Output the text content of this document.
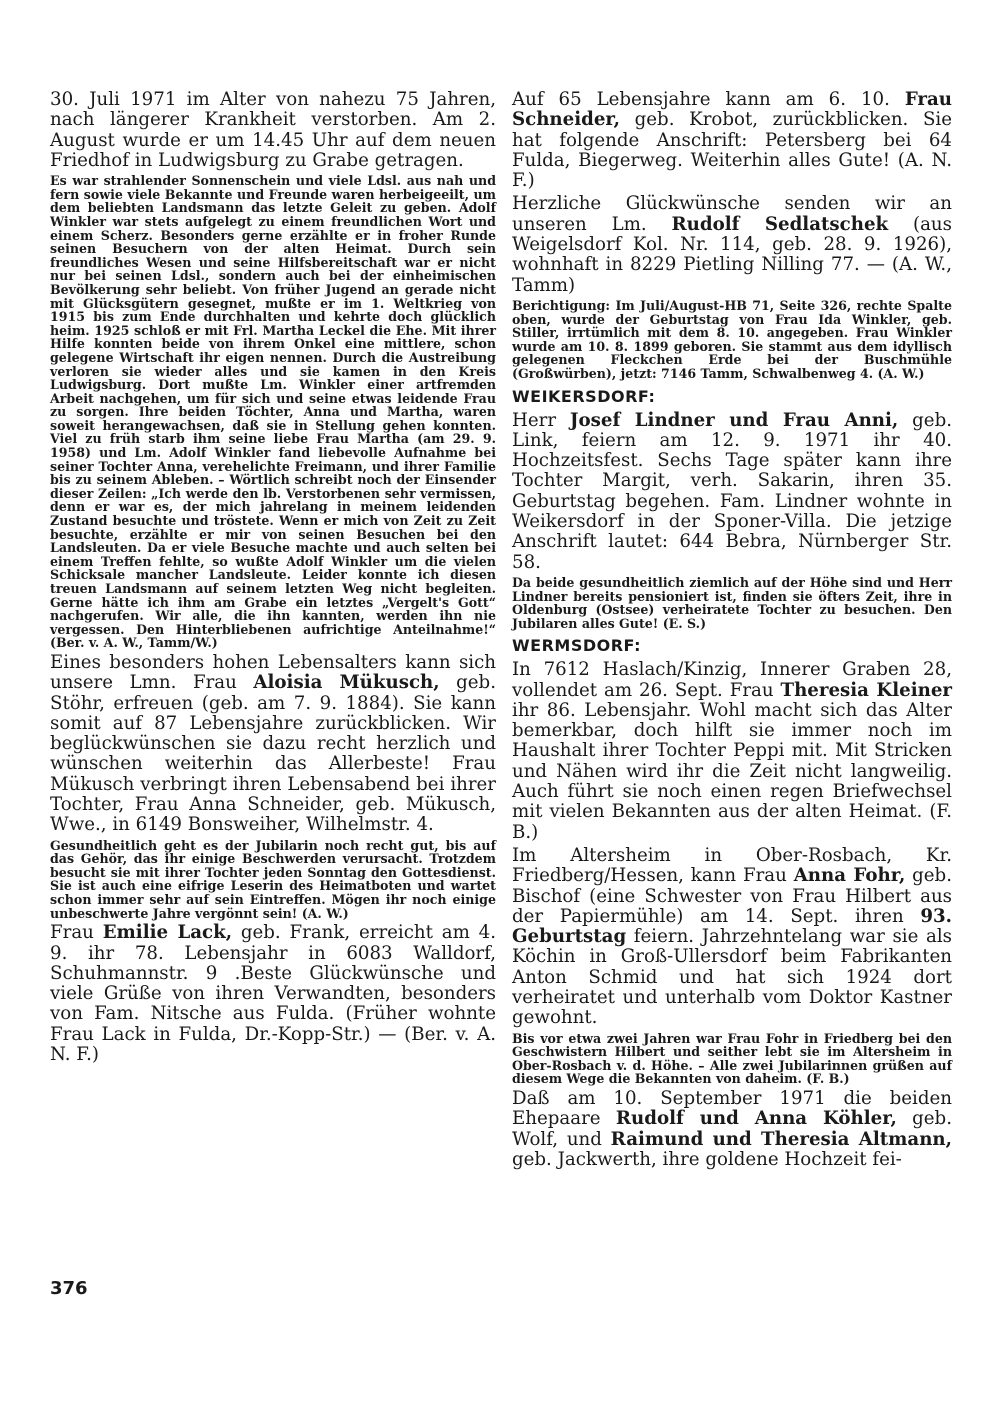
30. Juli 1971 im Alter von nahezu 75 Jahren, nach längerer Krankheit verstorben. Am 2. August wurde er um 14.45 Uhr auf dem neuen Friedhof in Ludwigsburg zu Grabe getragen.

Es war strahlender Sonnenschein und viele Ldsl. aus nah und fern sowie viele Bekannte und Freunde waren herbeigeeilt, um dem beliebten Landsmann das letzte Geleit zu geben. Adolf Winkler war stets aufgelegt zu einem freundlichen Wort und einem Scherz. Besonders gerne erzählte er in froher Runde seinen Besuchern von der alten Heimat. Durch sein freundliches Wesen und seine Hilfsbereitschaft war er nicht nur bei seinen Ldsl., sondern auch bei der einheimischen Bevölkerung sehr beliebt. Von früher Jugend an gerade nicht mit Glücksgütern gesegnet, mußte er im 1. Weltkrieg von 1915 bis zum Ende durchhalten und kehrte doch glücklich heim. 1925 schloß er mit Frl. Martha Leckel die Ehe. Mit ihrer Hilfe konnten beide von ihrem Onkel eine mittlere, schon gelegene Wirtschaft ihr eigen nennen. Durch die Austreibung verloren sie wieder alles und sie kamen in den Kreis Ludwigsburg. Dort mußte Lm. Winkler einer artfremden Arbeit nachgehen, um für sich und seine etwas leidende Frau zu sorgen. Ihre beiden Töchter, Anna und Martha, waren soweit herangewachsen, daß sie in Stellung gehen konnten. Viel zu früh starb ihm seine liebe Frau Martha (am 29. 9. 1958) und Lm. Adolf Winkler fand liebevolle Aufnahme bei seiner Tochter Anna, verehelichte Freimann, und ihrer Familie bis zu seinem Ableben. – Wörtlich schreibt noch der Einsender dieser Zeilen: „Ich werde den lb. Verstorbenen sehr vermissen, denn er war es, der mich jahrelang in meinem leidenden Zustand besuchte und tröstete. Wenn er mich von Zeit zu Zeit besuchte, erzählte er mir von seinen Besuchen bei den Landsleuten. Da er viele Besuche machte und auch selten bei einem Treffen fehlte, so wußte Adolf Winkler um die vielen Schicksale mancher Landsleute. Leider konnte ich diesen treuen Landsmann auf seinem letzten Weg nicht begleiten. Gerne hätte ich ihm am Grabe ein letztes „Vergelt's Gott“ nachgerufen. Wir alle, die ihn kannten, werden ihn nie vergessen. Den Hinterbliebenen aufrichtige Anteilnahme!“ (Ber. v. A. W., Tamm/W.)

Eines besonders hohen Lebensalters kann sich unsere Lmn. Frau Aloisia Mükusch, geb. Stöhr, erfreuen (geb. am 7. 9. 1884). Sie kann somit auf 87 Lebensjahre zurückblicken. Wir beglückwünschen sie dazu recht herzlich und wünschen weiterhin das Allerbeste! Frau Mükusch verbringt ihren Lebensabend bei ihrer Tochter, Frau Anna Schneider, geb. Mükusch, Wwe., in 6149 Bonsweiher, Wilhelmstr. 4.

Gesundheitlich geht es der Jubilarin noch recht gut, bis auf das Gehör, das ihr einige Beschwerden verursacht. Trotzdem besucht sie mit ihrer Tochter jeden Sonntag den Gottesdienst. Sie ist auch eine eifrige Leserin des Heimatboten und wartet schon immer sehr auf sein Eintreffen. Mögen ihr noch einige unbeschwerte Jahre vergönnt sein! (A. W.)

Frau Emilie Lack, geb. Frank, erreicht am 4. 9. ihr 78. Lebensjahr in 6083 Walldorf, Schuhmannstr. 9 .Beste Glückwünsche und viele Grüße von ihren Verwandten, besonders von Fam. Nitsche aus Fulda. (Früher wohnte Frau Lack in Fulda, Dr.-Kopp-Str.) — (Ber. v. A. N. F.)

Auf 65 Lebensjahre kann am 6. 10. Frau Schneider, geb. Krobot, zurückblicken. Sie hat folgende Anschrift: Petersberg bei 64 Fulda, Biegerweg. Weiterhin alles Gute! (A. N. F.)

Herzliche Glückwünsche senden wir an unseren Lm. Rudolf Sedlatschek (aus Weigelsdorf Kol. Nr. 114, geb. 28. 9. 1926), wohnhaft in 8229 Pietling Nilling 77. — (A. W., Tamm)

Berichtigung: Im Juli/August-HB 71, Seite 326, rechte Spalte oben, wurde der Geburtstag von Frau Ida Winkler, geb. Stiller, irrtümlich mit dem 8. 10. angegeben. Frau Winkler wurde am 10. 8. 1899 geboren. Sie stammt aus dem idyllisch gelegenen Fleckchen Erde bei der Buschmühle (Großwürben), jetzt: 7146 Tamm, Schwalbenweg 4. (A. W.)

WEIKERSDORF:

Herr Josef Lindner und Frau Anni, geb. Link, feiern am 12. 9. 1971 ihr 40. Hochzeitsfest. Sechs Tage später kann ihre Tochter Margit, verh. Sakarin, ihren 35. Geburtstag begehen. Fam. Lindner wohnte in Weikersdorf in der Sponer-Villa. Die jetzige Anschrift lautet: 644 Bebra, Nürnberger Str. 58.

Da beide gesundheitlich ziemlich auf der Höhe sind und Herr Lindner bereits pensioniert ist, finden sie öfters Zeit, ihre in Oldenburg (Ostsee) verheiratete Tochter zu besuchen. Den Jubilaren alles Gute! (E. S.)

WERMSDORF:

In 7612 Haslach/Kinzig, Innerer Graben 28, vollendet am 26. Sept. Frau Theresia Kleiner ihr 86. Lebensjahr. Wohl macht sich das Alter bemerkbar, doch hilft sie immer noch im Haushalt ihrer Tochter Peppi mit. Mit Stricken und Nähen wird ihr die Zeit nicht langweilig. Auch führt sie noch einen regen Briefwechsel mit vielen Bekannten aus der alten Heimat. (F. B.)

Im Altersheim in Ober-Rosbach, Kr. Friedberg/Hessen, kann Frau Anna Fohr, geb. Bischof (eine Schwester von Frau Hilbert aus der Papiermühle) am 14. Sept. ihren 93. Geburtstag feiern. Jahrzehntelang war sie als Köchin in Groß-Ullersdorf beim Fabrikanten Anton Schmid und hat sich 1924 dort verheiratet und unterhalb vom Doktor Kastner gewohnt.

Bis vor etwa zwei Jahren war Frau Fohr in Friedberg bei den Geschwistern Hilbert und seither lebt sie im Altersheim in Ober-Rosbach v. d. Höhe. – Alle zwei Jubilarinnen grüßen auf diesem Wege die Bekannten von daheim. (F. B.)

Daß am 10. September 1971 die beiden Ehepaare Rudolf und Anna Köhler, geb. Wolf, und Raimund und Theresia Altmann, geb. Jackwerth, ihre goldene Hochzeit fei-

376
